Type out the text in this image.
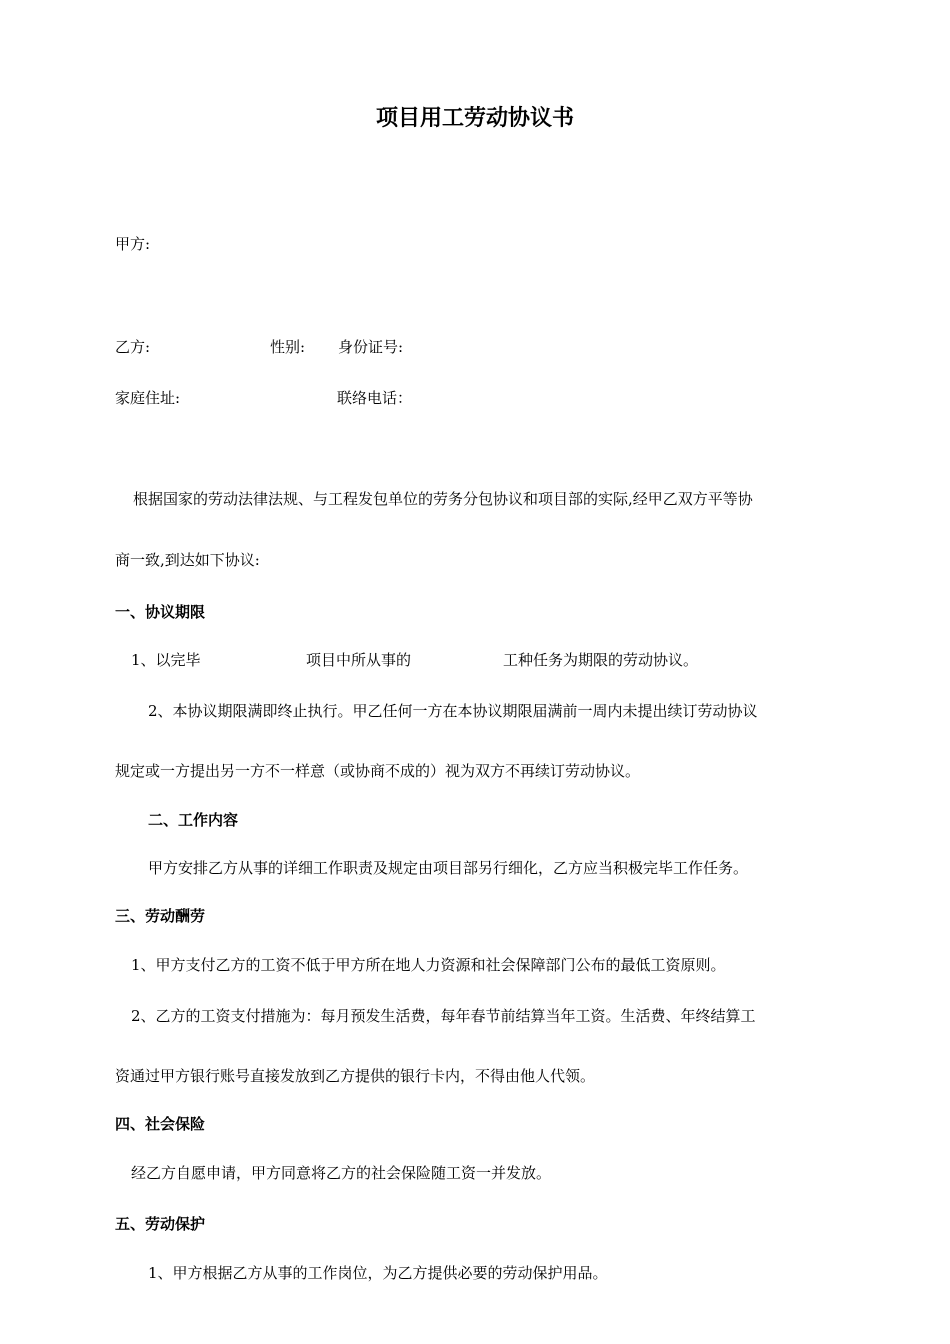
项目用工劳动协议书
甲方:
乙方:	性别: 身份证号:
家庭住址:	联络电话：
根据国家的劳动法律法规、与工程发包单位的劳务分包协议和项目部的实际,经甲乙双方平等协
商一致,到达如下协议:
一、协议期限
1、以完毕	项目中所从事的	工种任务为期限的劳动协议。
2、本协议期限满即终止执行。甲乙任何一方在本协议期限届满前一周内未提出续订劳动协议
规定或一方提出另一方不一样意（或协商不成的）视为双方不再续订劳动协议。
二、工作内容
甲方安排乙方从事的详细工作职责及规定由项目部另行细化，乙方应当积极完毕工作任务。
三、劳动酬劳
1、甲方支付乙方的工资不低于甲方所在地人力资源和社会保障部门公布的最低工资原则。
2、乙方的工资支付措施为：每月预发生活费，每年春节前结算当年工资。生活费、年终结算工
资通过甲方银行账号直接发放到乙方提供的银行卡内，不得由他人代领。
四、社会保险
经乙方自愿申请，甲方同意将乙方的社会保险随工资一并发放。
五、劳动保护
1、甲方根据乙方从事的工作岗位，为乙方提供必要的劳动保护用品。
